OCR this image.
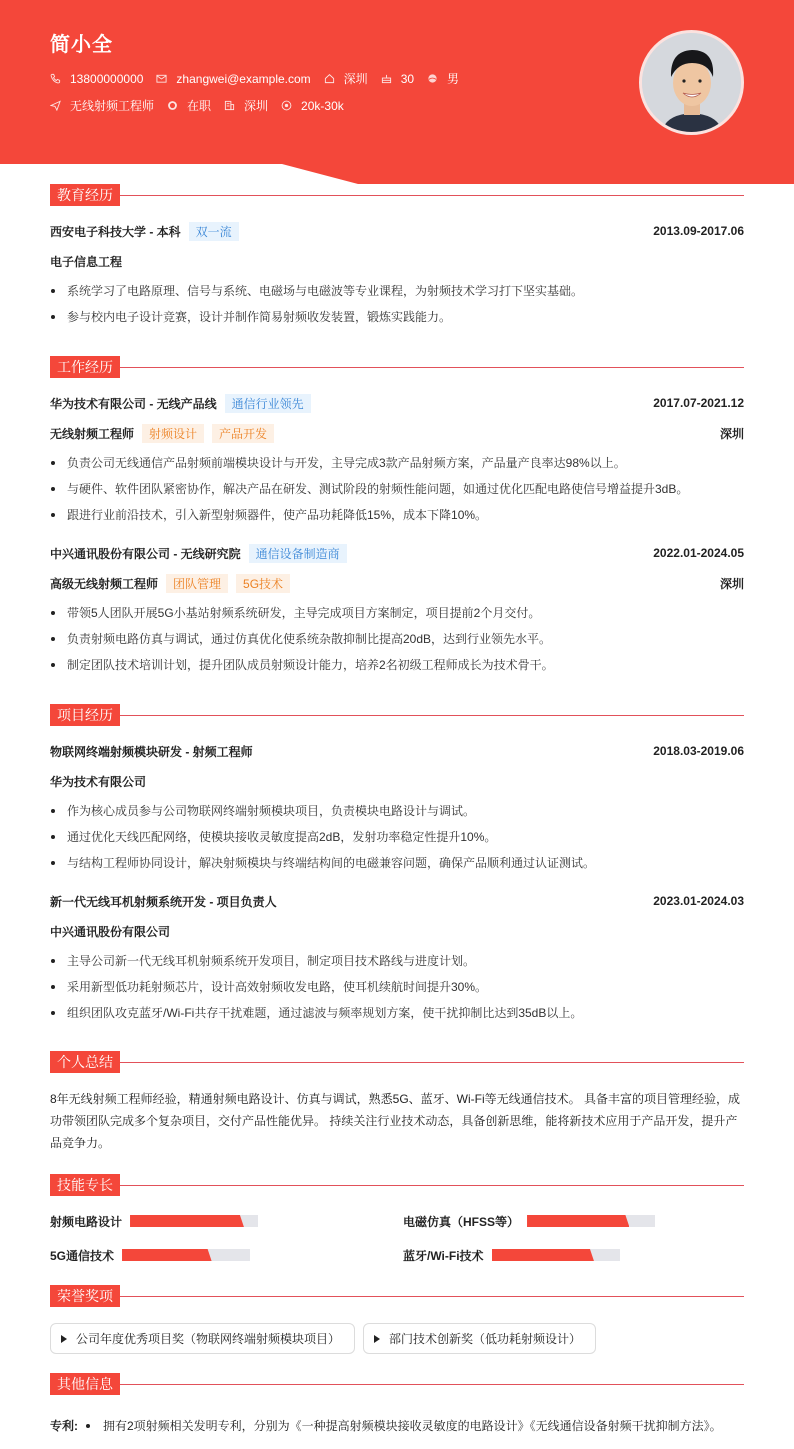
简小全
13800000000	zhangwei@example.com	深圳	30	男
无线射频工程师	在职	深圳	20k-30k
教育经历
西安电子科技大学 - 本科	双一流	2013.09-2017.06
电子信息工程
系统学习了电路原理、信号与系统、电磁场与电磁波等专业课程，为射频技术学习打下坚实基础。
参与校内电子设计竞赛，设计并制作简易射频收发装置，锻炼实践能力。
工作经历
华为技术有限公司 - 无线产品线	通信行业领先	2017.07-2021.12
无线射频工程师	射频设计	产品开发	深圳
负责公司无线通信产品射频前端模块设计与开发，主导完成3款产品射频方案，产品量产良率达98%以上。
与硬件、软件团队紧密协作，解决产品在研发、测试阶段的射频性能问题，如通过优化匹配电路使信号增益提升3dB。
跟进行业前沿技术，引入新型射频器件，使产品功耗降低15%，成本下降10%。
中兴通讯股份有限公司 - 无线研究院	通信设备制造商	2022.01-2024.05
高级无线射频工程师	团队管理	5G技术	深圳
带领5人团队开展5G小基站射频系统研发，主导完成项目方案制定，项目提前2个月交付。
负责射频电路仿真与调试，通过仿真优化使系统杂散抑制比提高20dB，达到行业领先水平。
制定团队技术培训计划，提升团队成员射频设计能力，培养2名初级工程师成长为技术骨干。
项目经历
物联网终端射频模块研发 - 射频工程师	2018.03-2019.06
华为技术有限公司
作为核心成员参与公司物联网终端射频模块项目，负责模块电路设计与调试。
通过优化天线匹配网络，使模块接收灵敏度提高2dB，发射功率稳定性提升10%。
与结构工程师协同设计，解决射频模块与终端结构间的电磁兼容问题，确保产品顺利通过认证测试。
新一代无线耳机射频系统开发 - 项目负责人	2023.01-2024.03
中兴通讯股份有限公司
主导公司新一代无线耳机射频系统开发项目，制定项目技术路线与进度计划。
采用新型低功耗射频芯片，设计高效射频收发电路，使耳机续航时间提升30%。
组织团队攻克蓝牙/Wi-Fi共存干扰难题，通过滤波与频率规划方案，使干扰抑制比达到35dB以上。
个人总结
8年无线射频工程师经验，精通射频电路设计、仿真与调试，熟悉5G、蓝牙、Wi-Fi等无线通信技术。 具备丰富的项目管理经验，成功带领团队完成多个复杂项目，交付产品性能优异。 持续关注行业技术动态，具备创新思维，能将新技术应用于产品开发，提升产品竞争力。
技能专长
射频电路设计	电磁仿真（HFSS等）
5G通信技术	蓝牙/Wi-Fi技术
荣誉奖项
公司年度优秀项目奖（物联网终端射频模块项目）	部门技术创新奖（低功耗射频设计）
其他信息
专利: 拥有2项射频相关发明专利，分别为《一种提高射频模块接收灵敏度的电路设计》《无线通信设备射频干扰抑制方法》。
